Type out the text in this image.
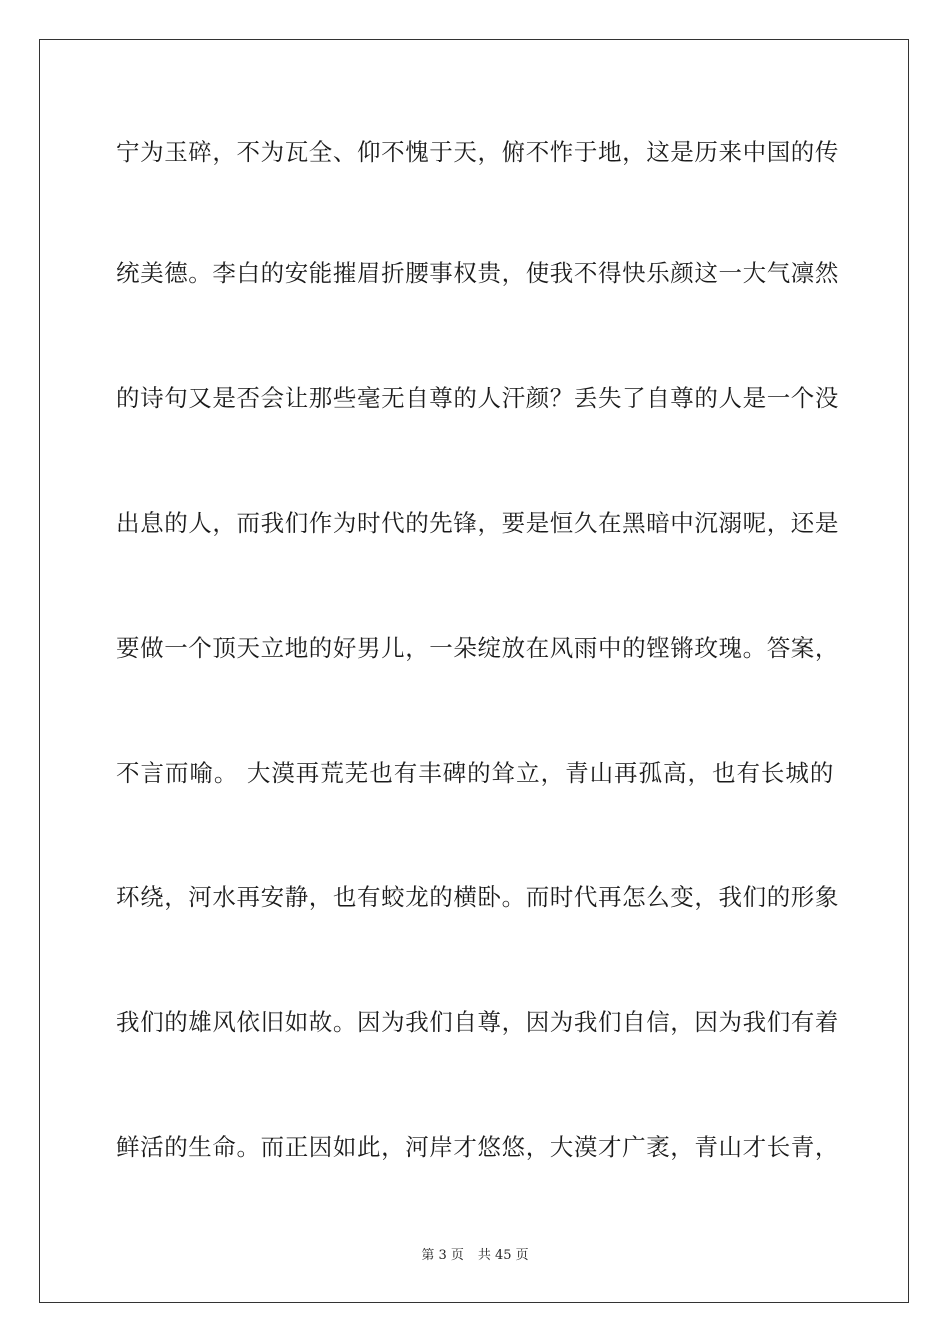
宁为玉碎，不为瓦全、仰不愧于天，俯不怍于地，这是历来中国的传
统美德。李白的安能摧眉折腰事权贵，使我不得快乐颜这一大气凛然
的诗句又是否会让那些毫无自尊的人汗颜？丢失了自尊的人是一个没
出息的人，而我们作为时代的先锋，要是恒久在黑暗中沉溺呢，还是
要做一个顶天立地的好男儿，一朵绽放在风雨中的铿锵玫瑰。答案，
不言而喻。 大漠再荒芜也有丰碑的耸立，青山再孤高，也有长城的
环绕，河水再安静，也有蛟龙的横卧。而时代再怎么变，我们的形象
我们的雄风依旧如故。因为我们自尊，因为我们自信，因为我们有着
鲜活的生命。而正因如此，河岸才悠悠，大漠才广袤，青山才长青，
第 3 页 共 45 页
